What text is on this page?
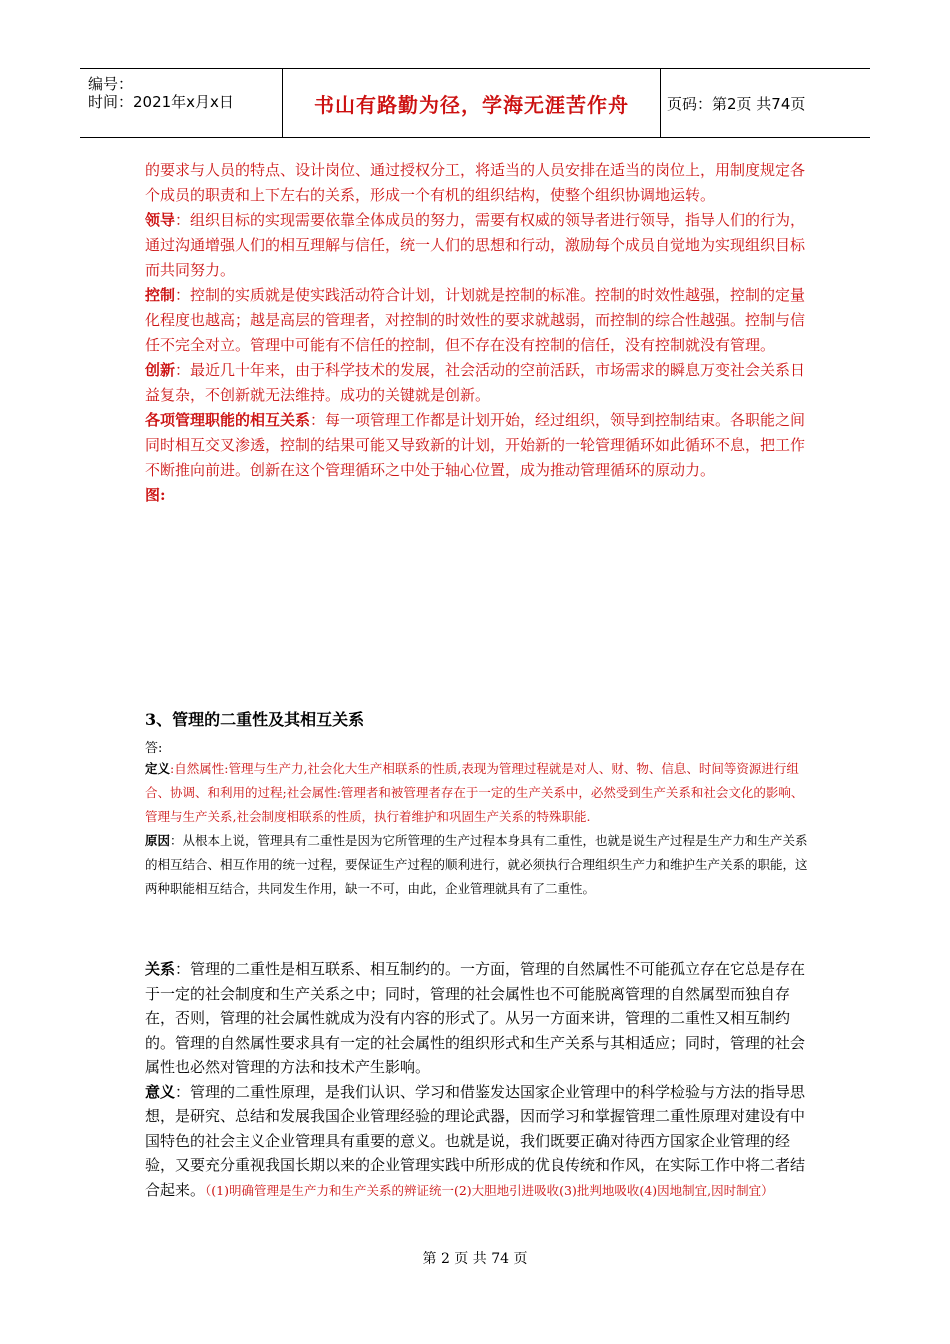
编号：
时间：2021年x月x日	书山有路勤为径，学海无涯苦作舟	页码：第2页 共74页

的要求与人员的特点、设计岗位、通过授权分工，将适当的人员安排在适当的岗位上，用制度规定各个成员的职责和上下左右的关系，形成一个有机的组织结构，使整个组织协调地运转。

领导：组织目标的实现需要依靠全体成员的努力，需要有权威的领导者进行领导，指导人们的行为，通过沟通增强人们的相互理解与信任，统一人们的思想和行动，激励每个成员自觉地为实现组织目标而共同努力。

控制：控制的实质就是使实践活动符合计划，计划就是控制的标准。控制的时效性越强，控制的定量化程度也越高；越是高层的管理者，对控制的时效性的要求就越弱，而控制的综合性越强。控制与信任不完全对立。管理中可能有不信任的控制，但不存在没有控制的信任，没有控制就没有管理。

创新：最近几十年来，由于科学技术的发展，社会活动的空前活跃，市场需求的瞬息万变社会关系日益复杂，不创新就无法维持。成功的关键就是创新。

各项管理职能的相互关系：每一项管理工作都是计划开始，经过组织，领导到控制结束。各职能之间同时相互交叉渗透，控制的结果可能又导致新的计划，开始新的一轮管理循环如此循环不息，把工作不断推向前进。创新在这个管理循环之中处于轴心位置，成为推动管理循环的原动力。

图:

3、管理的二重性及其相互关系
答:

定义:自然属性:管理与生产力,社会化大生产相联系的性质,表现为管理过程就是对人、财、物、信息、时间等资源进行组合、协调、和利用的过程;社会属性:管理者和被管理者存在于一定的生产关系中，必然受到生产关系和社会文化的影响、管理与生产关系,社会制度相联系的性质，执行着维护和巩固生产关系的特殊职能.

原因：从根本上说，管理具有二重性是因为它所管理的生产过程本身具有二重性，也就是说生产过程是生产力和生产关系的相互结合、相互作用的统一过程，要保证生产过程的顺利进行，就必须执行合理组织生产力和维护生产关系的职能，这两种职能相互结合，共同发生作用，缺一不可，由此，企业管理就具有了二重性。

关系：管理的二重性是相互联系、相互制约的。一方面，管理的自然属性不可能孤立存在它总是存在于一定的社会制度和生产关系之中；同时，管理的社会属性也不可能脱离管理的自然属型而独自存在，否则，管理的社会属性就成为没有内容的形式了。从另一方面来讲，管理的二重性又相互制约的。管理的自然属性要求具有一定的社会属性的组织形式和生产关系与其相适应；同时，管理的社会属性也必然对管理的方法和技术产生影响。

意义：管理的二重性原理，是我们认识、学习和借鉴发达国家企业管理中的科学检验与方法的指导思想，是研究、总结和发展我国企业管理经验的理论武器，因而学习和掌握管理二重性原理对建设有中国特色的社会主义企业管理具有重要的意义。也就是说，我们既要正确对待西方国家企业管理的经验，又要充分重视我国长期以来的企业管理实践中所形成的优良传统和作风，在实际工作中将二者结合起来。（(1)明确管理是生产力和生产关系的辨证统一(2)大胆地引进吸收(3)批判地吸收(4)因地制宜,因时制宜）

第 2 页 共 74 页
